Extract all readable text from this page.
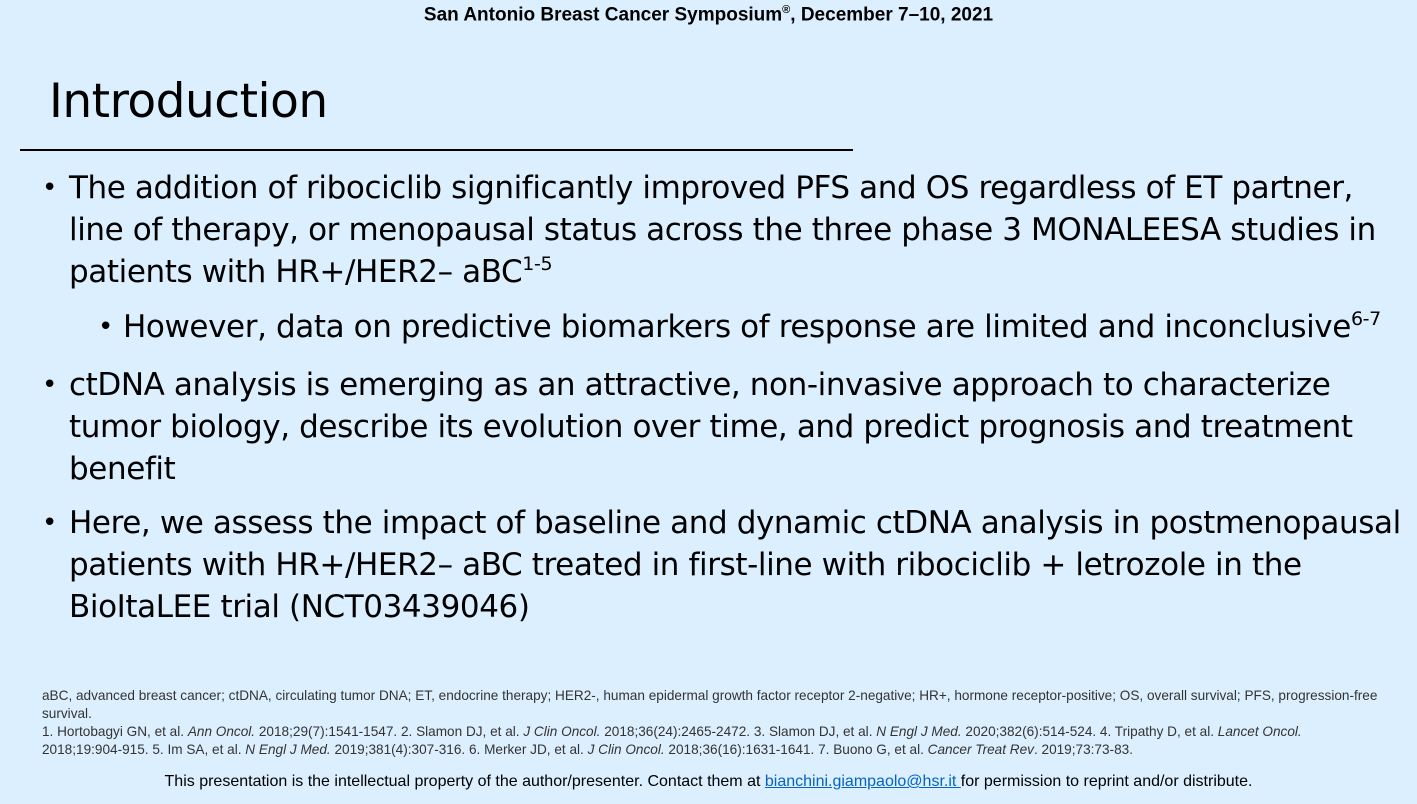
San Antonio Breast Cancer Symposium®, December 7–10, 2021
Introduction

• The addition of ribociclib significantly improved PFS and OS regardless of ET partner, line of therapy, or menopausal status across the three phase 3 MONALEESA studies in patients with HR+/HER2– aBC$^{1-5}$

• However, data on predictive biomarkers of response are limited and inconclusive$^{6-7}$

• ctDNA analysis is emerging as an attractive, non-invasive approach to characterize tumor biology, describe its evolution over time, and predict prognosis and treatment benefit

• Here, we assess the impact of baseline and dynamic ctDNA analysis in postmenopausal patients with HR+/HER2– aBC treated in first-line with ribociclib + letrozole in the BioItaLEE trial (NCT03439046)

aBC, advanced breast cancer; ctDNA, circulating tumor DNA; ET, endocrine therapy; HER2-, human epidermal growth factor receptor 2-negative; HR+, hormone receptor-positive; OS, overall survival; PFS, progression-free survival.
1. Hortobagyi GN, et al. Ann Oncol. 2018;29(7):1541-1547. 2. Slamon DJ, et al. J Clin Oncol. 2018;36(24):2465-2472. 3. Slamon DJ, et al. N Engl J Med. 2020;382(6):514-524. 4. Tripathy D, et al. Lancet Oncol. 2018;19:904-915. 5. Im SA, et al. N Engl J Med. 2019;381(4):307-316. 6. Merker JD, et al. J Clin Oncol. 2018;36(16):1631-1641. 7. Buono G, et al. Cancer Treat Rev. 2019;73:73-83.
This presentation is the intellectual property of the author/presenter. Contact them at bianchini.giampaolo@hsr.it for permission to reprint and/or distribute.
